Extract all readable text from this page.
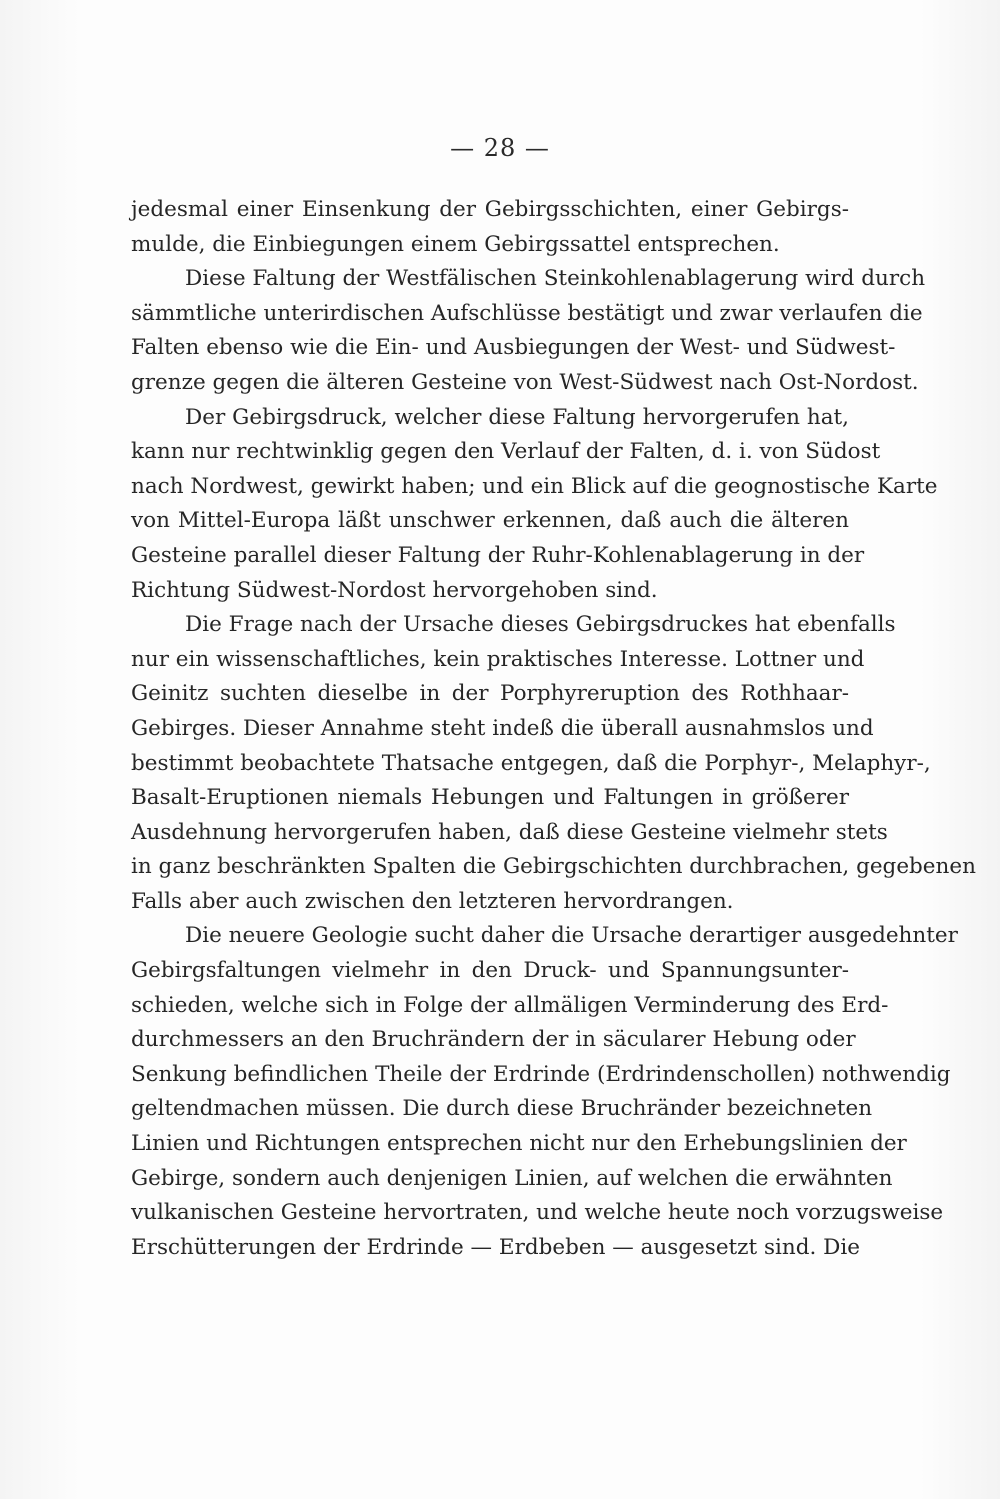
— 28 —
jedesmal einer Einsenkung der Gebirgsschichten, einer Gebirgs-
mulde, die Einbiegungen einem Gebirgssattel entsprechen.
Diese Faltung der Westfälischen Steinkohlenablagerung wird durch
sämmtliche unterirdischen Aufschlüsse bestätigt und zwar verlaufen die
Falten ebenso wie die Ein- und Ausbiegungen der West- und Südwest-
grenze gegen die älteren Gesteine von West-Südwest nach Ost-Nordost.
Der Gebirgsdruck, welcher diese Faltung hervorgerufen hat,
kann nur rechtwinklig gegen den Verlauf der Falten, d. i. von Südost
nach Nordwest, gewirkt haben; und ein Blick auf die geognostische Karte
von Mittel-Europa läßt unschwer erkennen, daß auch die älteren
Gesteine parallel dieser Faltung der Ruhr-Kohlenablagerung in der
Richtung Südwest-Nordost hervorgehoben sind.
Die Frage nach der Ursache dieses Gebirgsdruckes hat ebenfalls
nur ein wissenschaftliches, kein praktisches Interesse. Lottner und
Geinitz suchten dieselbe in der Porphyreruption des Rothhaar-
Gebirges. Dieser Annahme steht indeß die überall ausnahmslos und
bestimmt beobachtete Thatsache entgegen, daß die Porphyr-, Melaphyr-,
Basalt-Eruptionen niemals Hebungen und Faltungen in größerer
Ausdehnung hervorgerufen haben, daß diese Gesteine vielmehr stets
in ganz beschränkten Spalten die Gebirgschichten durchbrachen, gegebenen
Falls aber auch zwischen den letzteren hervordrangen.
Die neuere Geologie sucht daher die Ursache derartiger ausgedehnter
Gebirgsfaltungen vielmehr in den Druck- und Spannungsunter-
schieden, welche sich in Folge der allmäligen Verminderung des Erd-
durchmessers an den Bruchrändern der in säcularer Hebung oder
Senkung befindlichen Theile der Erdrinde (Erdrindenschollen) nothwendig
geltendmachen müssen. Die durch diese Bruchränder bezeichneten
Linien und Richtungen entsprechen nicht nur den Erhebungslinien der
Gebirge, sondern auch denjenigen Linien, auf welchen die erwähnten
vulkanischen Gesteine hervortraten, und welche heute noch vorzugsweise
Erschütterungen der Erdrinde — Erdbeben — ausgesetzt sind. Die
